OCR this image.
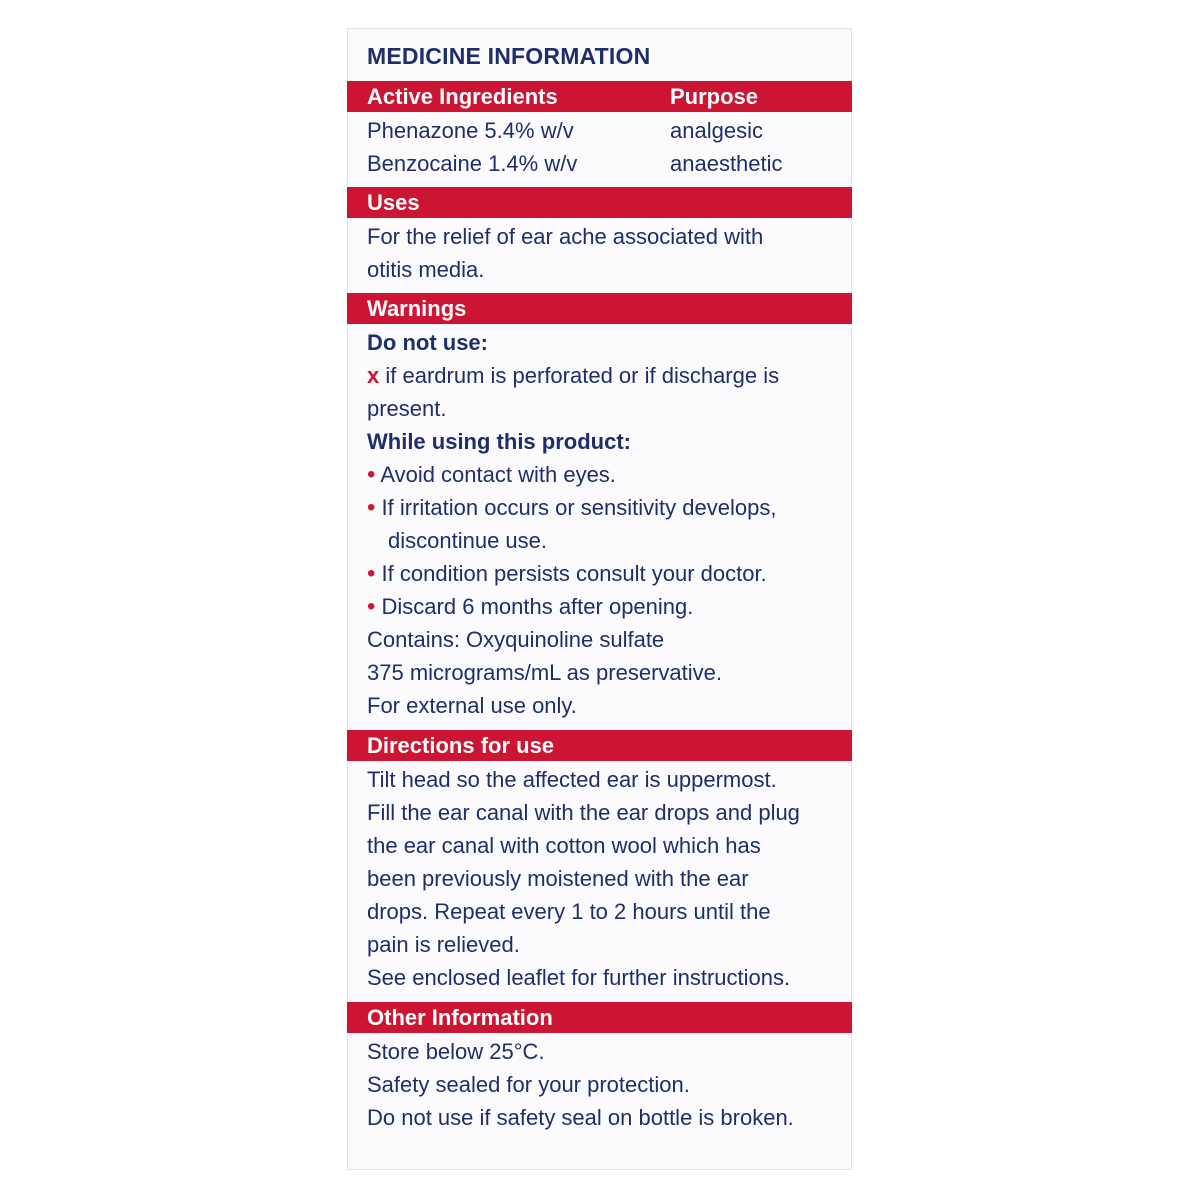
MEDICINE INFORMATION
Active Ingredients	Purpose
Phenazone 5.4% w/v	analgesic
Benzocaine 1.4% w/v	anaesthetic
Uses
For the relief of ear ache associated with
otitis media.
Warnings
Do not use:
x if eardrum is perforated or if discharge is
present.
While using this product:
• Avoid contact with eyes.
• If irritation occurs or sensitivity develops,
discontinue use.
• If condition persists consult your doctor.
• Discard 6 months after opening.
Contains: Oxyquinoline sulfate
375 micrograms/mL as preservative.
For external use only.
Directions for use
Tilt head so the affected ear is uppermost.
Fill the ear canal with the ear drops and plug
the ear canal with cotton wool which has
been previously moistened with the ear
drops. Repeat every 1 to 2 hours until the
pain is relieved.
See enclosed leaflet for further instructions.
Other Information
Store below 25°C.
Safety sealed for your protection.
Do not use if safety seal on bottle is broken.
